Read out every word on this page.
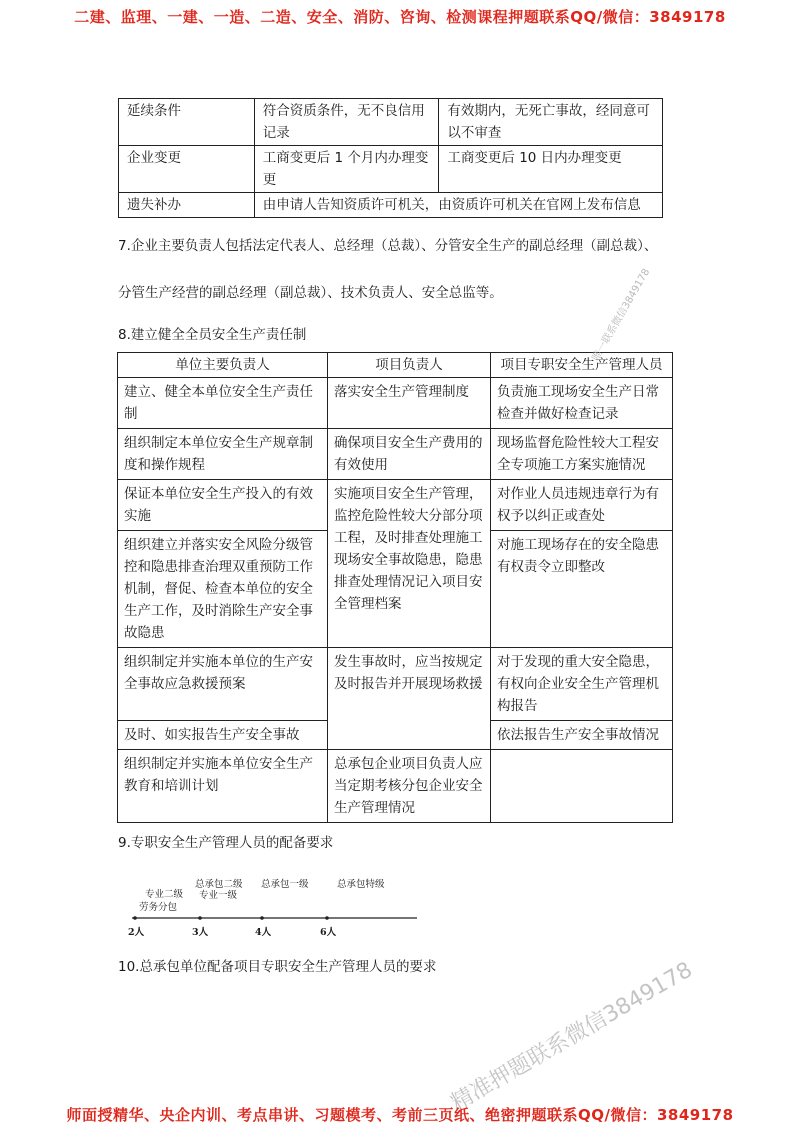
二建、监理、一建、一造、二造、安全、消防、咨询、检测课程押题联系QQ/微信：3849178
延续条件	符合资质条件，无不良信用记录	有效期内，无死亡事故，经同意可以不审查
企业变更	工商变更后 1 个月内办理变更	工商变更后 10 日内办理变更
遗失补办	由申请人告知资质许可机关，由资质许可机关在官网上发布信息	
7.企业主要负责人包括法定代表人、总经理（总裁）、分管安全生产的副总经理（副总裁）、
分管生产经营的副总经理（副总裁）、技术负责人、安全总监等。
8.建立健全全员安全生产责任制
单位主要负责人	项目负责人	项目专职安全生产管理人员
建立、健全本单位安全生产责任制	落实安全生产管理制度	负责施工现场安全生产日常检查并做好检查记录
组织制定本单位安全生产规章制度和操作规程	确保项目安全生产费用的有效使用	现场监督危险性较大工程安全专项施工方案实施情况
保证本单位安全生产投入的有效实施	实施项目安全生产管理，监控危险性较大分部分项工程，及时排查处理施工现场安全事故隐患，隐患排查处理情况记入项目安全管理档案	对作业人员违规违章行为有权予以纠正或查处
组织建立并落实安全风险分级管控和隐患排查治理双重预防工作机制，督促、检查本单位的安全生产工作，及时消除生产安全事故隐患		对施工现场存在的安全隐患有权责令立即整改
组织制定并实施本单位的生产安全事故应急救援预案	发生事故时，应当按规定及时报告并开展现场救援	对于发现的重大安全隐患，有权向企业安全生产管理机构报告
及时、如实报告生产安全事故		依法报告生产安全事故情况
组织制定并实施本单位安全生产教育和培训计划	总承包企业项目负责人应当定期考核分包企业安全生产管理情况	
9.专职安全生产管理人员的配备要求
劳务分包
专业二级
总承包二级
专业一级
总承包一级	总承包特级
2人	3人	4人	6人
10.总承包单位配备项目专职安全生产管理人员的要求
唯一联系微信3849178
精准押题联系微信3849178
师面授精华、央企内训、考点串讲、习题模考、考前三页纸、绝密押题联系QQ/微信：3849178
